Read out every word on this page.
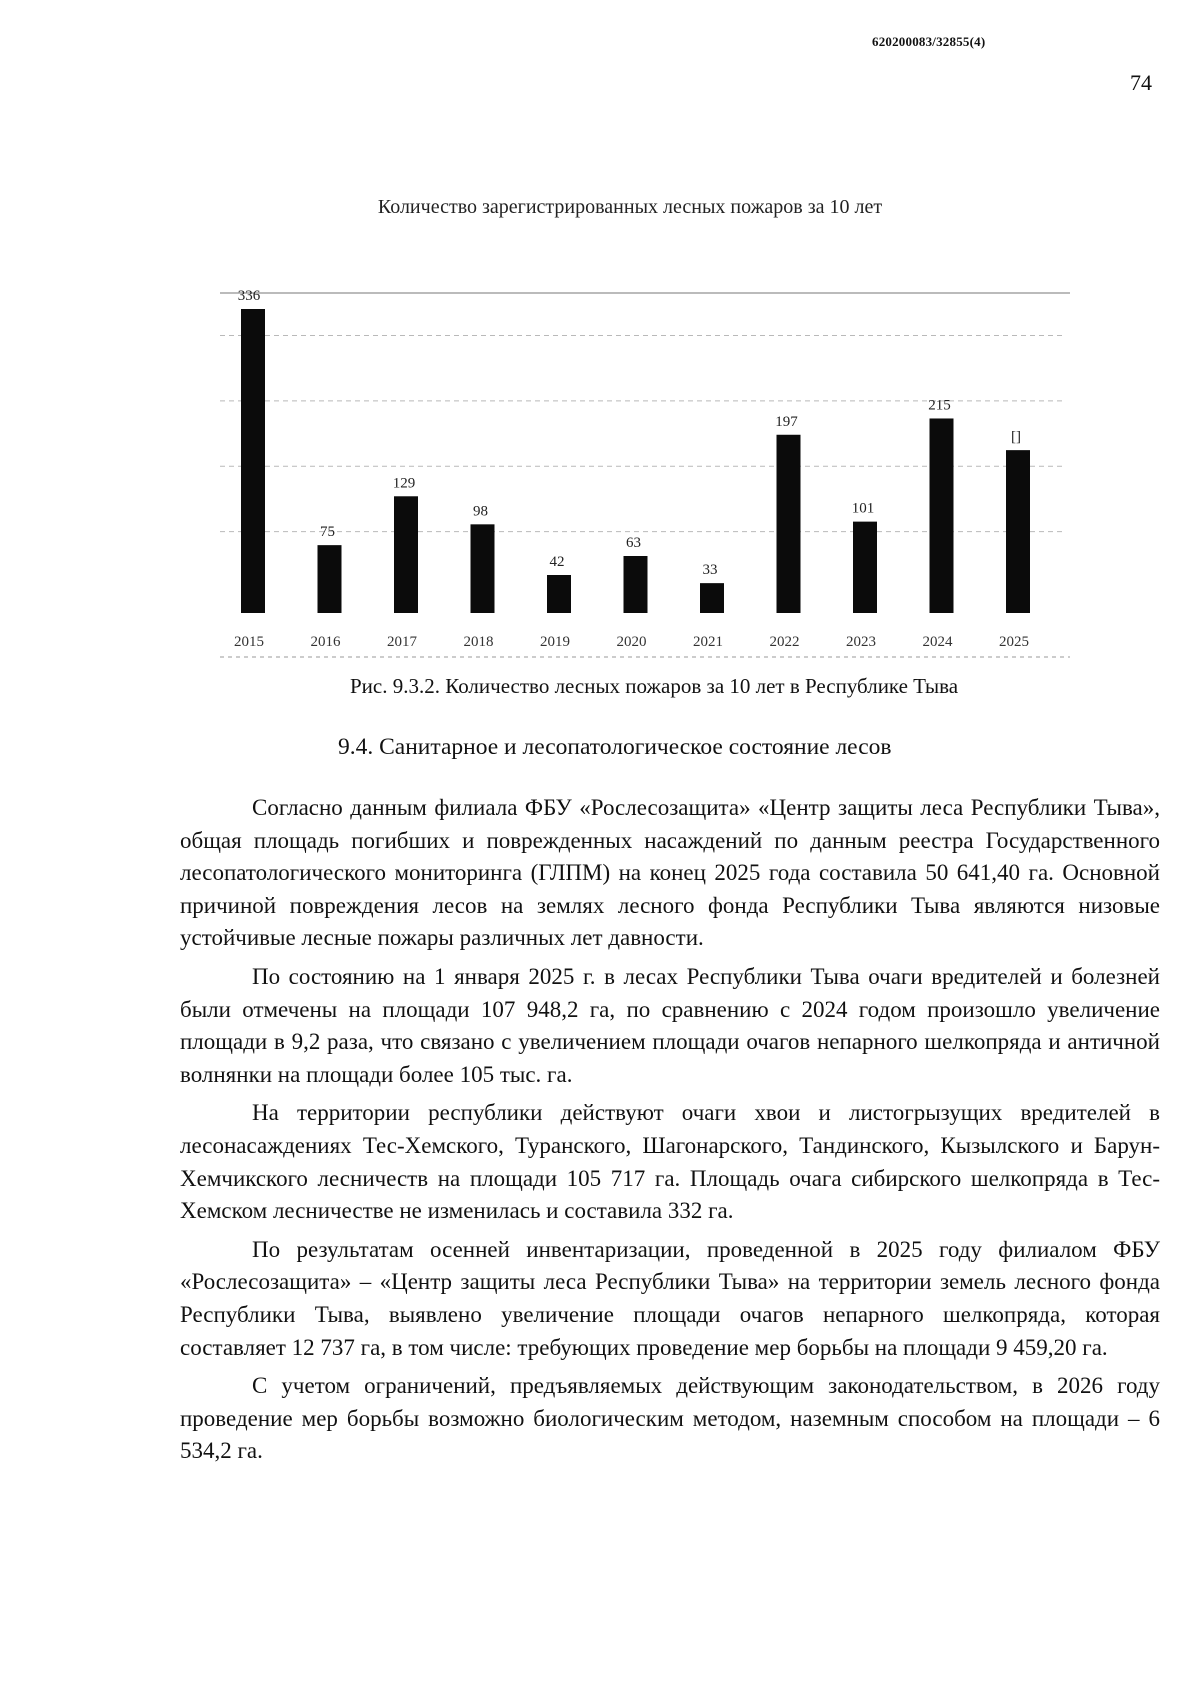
620200083/32855(4)
74
Количество зарегистрированных лесных пожаров за 10 лет
336
75
129
98
42
63
33
197
101
215
[]
2015	2016	2017	2018	2019	2020	2021	2022	2023	2024	2025
Рис. 9.3.2. Количество лесных пожаров за 10 лет в Республике Тыва
9.4. Санитарное и лесопатологическое состояние лесов

Согласно данным филиала ФБУ «Рослесозащита» «Центр защиты леса Республики Тыва», общая площадь погибших и поврежденных насаждений по данным реестра Государственного лесопатологического мониторинга (ГЛПМ) на конец 2025 года составила 50 641,40 га. Основной причиной повреждения лесов на землях лесного фонда Республики Тыва являются низовые устойчивые лесные пожары различных лет давности.

По состоянию на 1 января 2025 г. в лесах Республики Тыва очаги вредителей и болезней были отмечены на площади 107 948,2 га, по сравнению с 2024 годом произошло увеличение площади в 9,2 раза, что связано с увеличением площади очагов непарного шелкопряда и античной волнянки на площади более 105 тыс. га.

На территории республики действуют очаги хвои и листогрызущих вредителей в лесонасаждениях Тес-Хемского, Туранского, Шагонарского, Тандинского, Кызылского и Барун-Хемчикского лесничеств на площади 105 717 га. Площадь очага сибирского шелкопряда в Тес-Хемском лесничестве не изменилась и составила 332 га.

По результатам осенней инвентаризации, проведенной в 2025 году филиалом ФБУ «Рослесозащита» – «Центр защиты леса Республики Тыва» на территории земель лесного фонда Республики Тыва, выявлено увеличение площади очагов непарного шелкопряда, которая составляет 12 737 га, в том числе: требующих проведение мер борьбы на площади 9 459,20 га.

С учетом ограничений, предъявляемых действующим законодательством, в 2026 году проведение мер борьбы возможно биологическим методом, наземным способом на площади – 6 534,2 га.
